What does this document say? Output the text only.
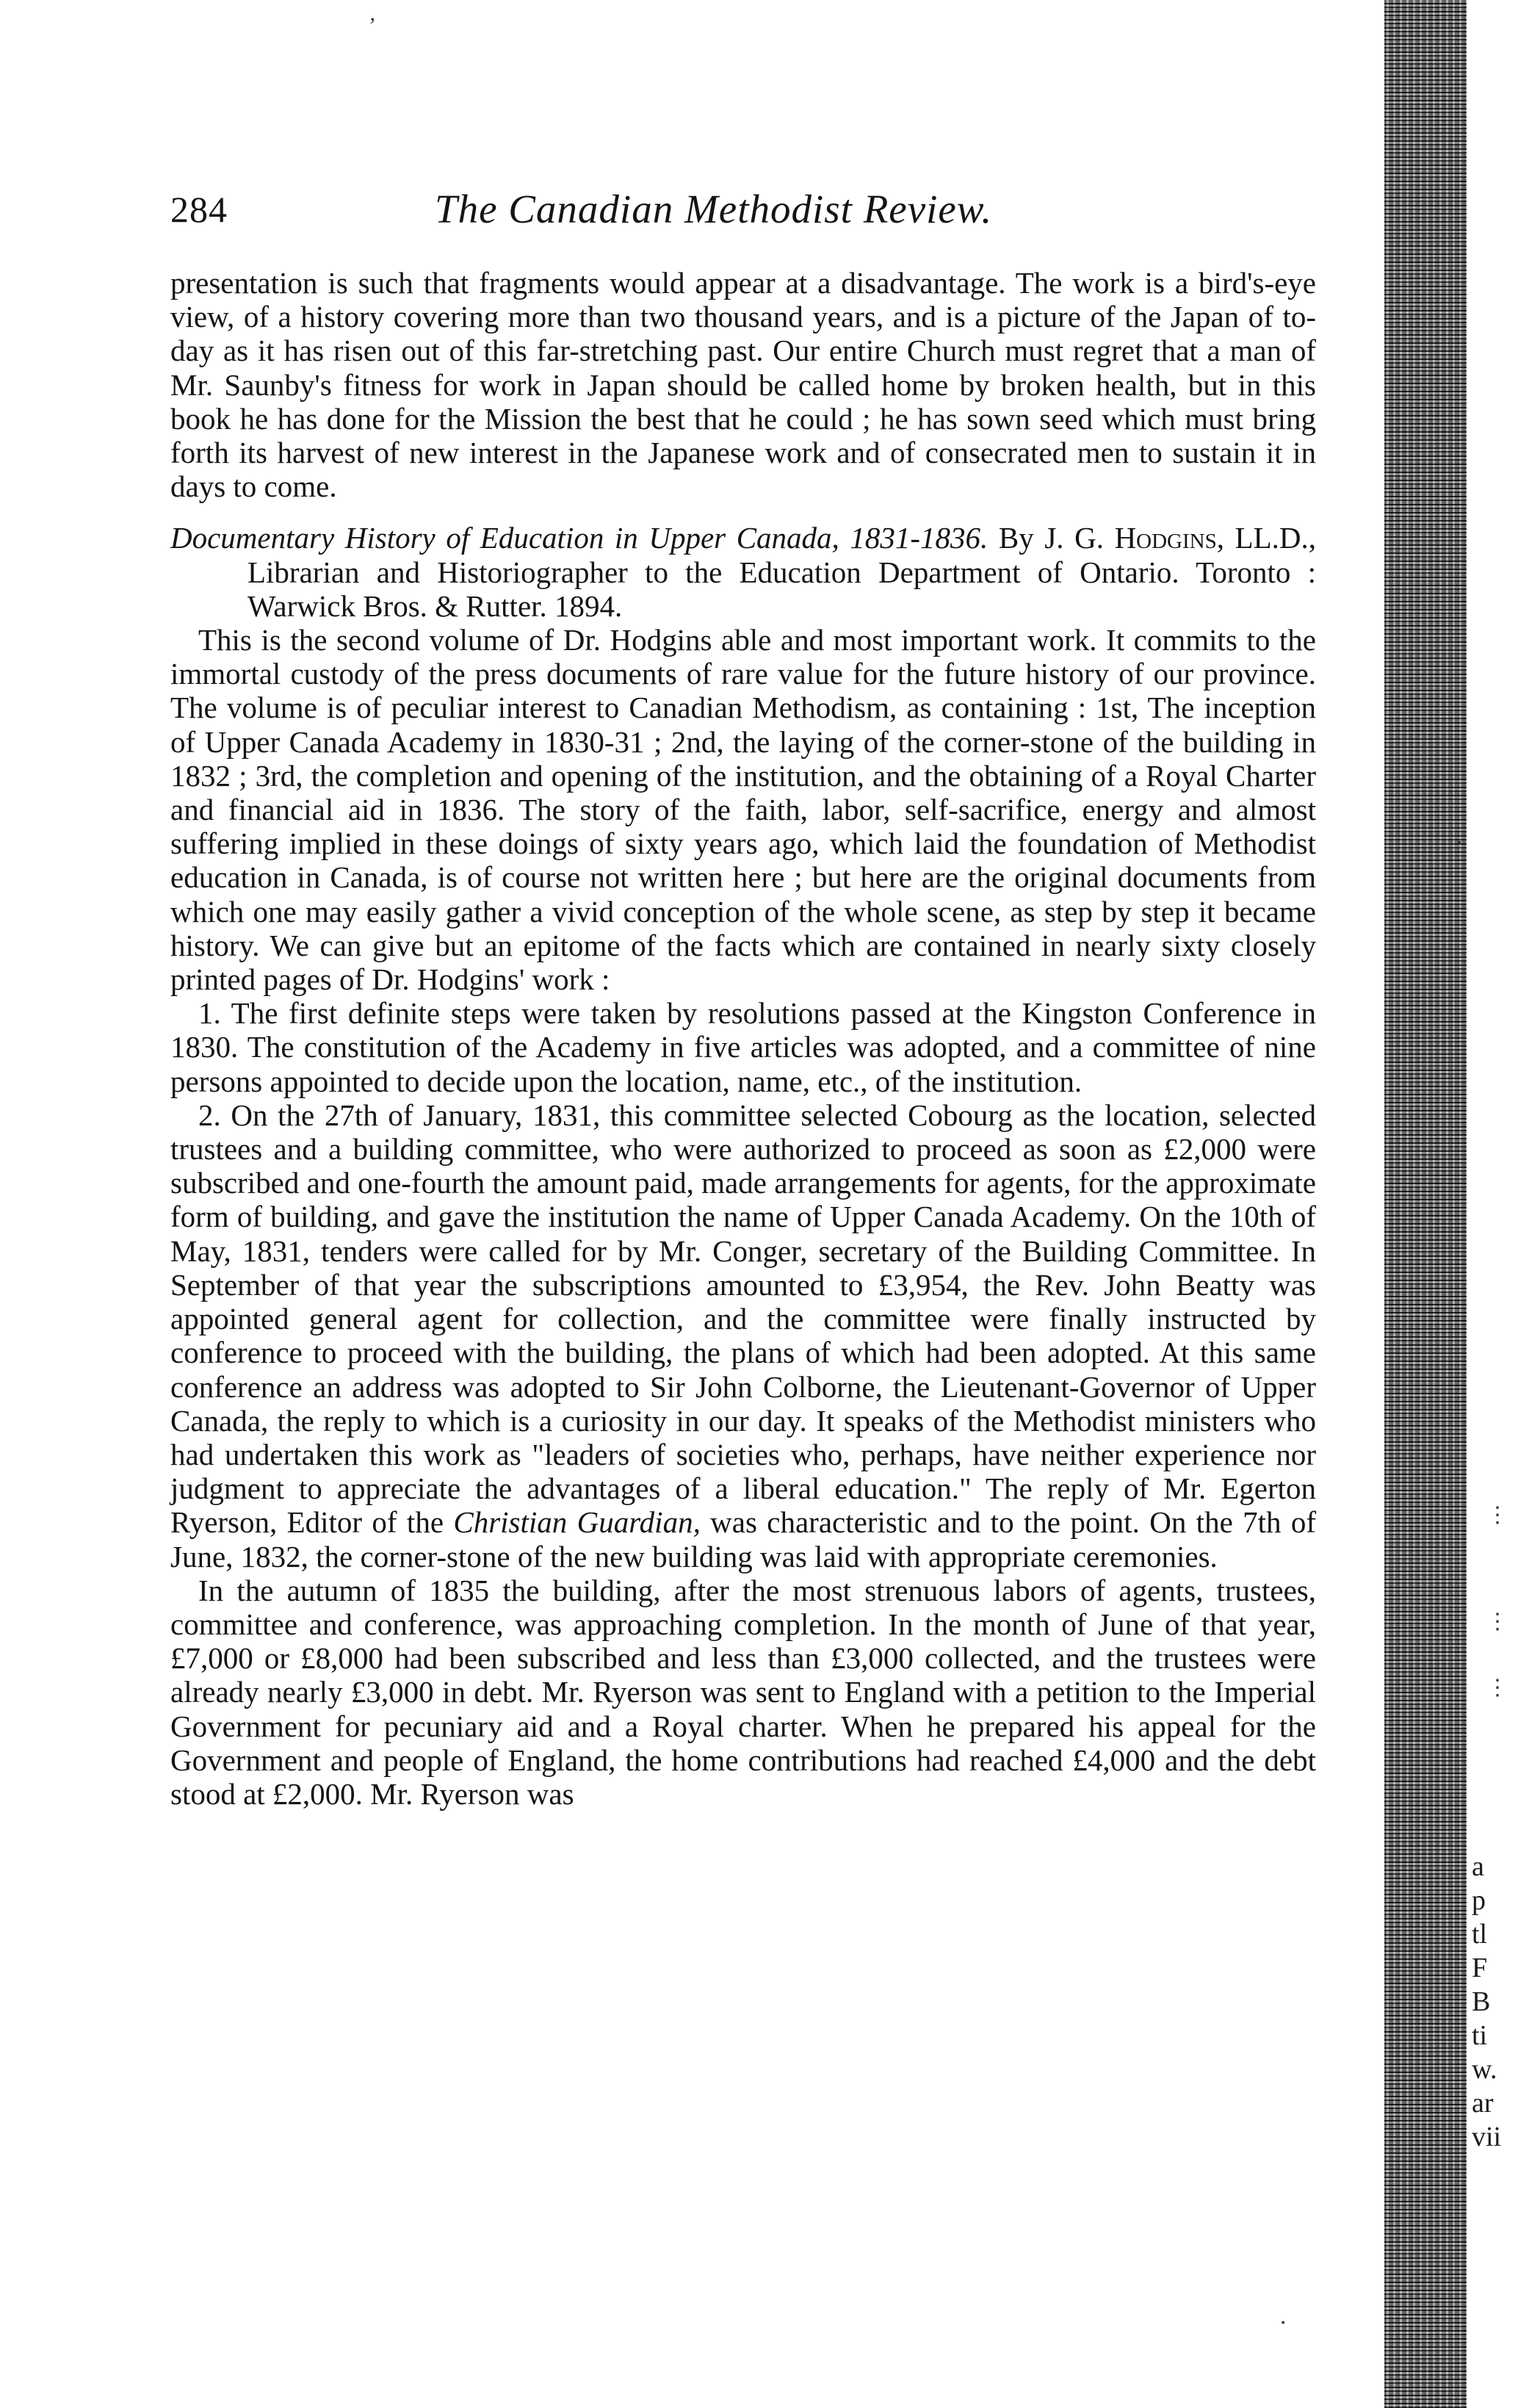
284	The Canadian Methodist Review.

presentation is such that fragments would appear at a disadvantage. The work is a bird's-eye view, of a history covering more than two thousand years, and is a picture of the Japan of to-day as it has risen out of this far-stretching past. Our entire Church must regret that a man of Mr. Saunby's fitness for work in Japan should be called home by broken health, but in this book he has done for the Mission the best that he could ; he has sown seed which must bring forth its harvest of new interest in the Japanese work and of consecrated men to sustain it in days to come.

Documentary History of Education in Upper Canada, 1831-1836. By J. G. Hodgins, LL.D., Librarian and Historiographer to the Education Department of Ontario. Toronto : Warwick Bros. & Rutter. 1894.

This is the second volume of Dr. Hodgins able and most important work. It commits to the immortal custody of the press documents of rare value for the future history of our province. The volume is of peculiar interest to Canadian Methodism, as containing : 1st, The inception of Upper Canada Academy in 1830-31 ; 2nd, the laying of the corner-stone of the building in 1832 ; 3rd, the completion and opening of the institution, and the obtaining of a Royal Charter and financial aid in 1836. The story of the faith, labor, self-sacrifice, energy and almost suffering implied in these doings of sixty years ago, which laid the foundation of Methodist education in Canada, is of course not written here ; but here are the original documents from which one may easily gather a vivid conception of the whole scene, as step by step it became history. We can give but an epitome of the facts which are contained in nearly sixty closely printed pages of Dr. Hodgins' work :

1. The first definite steps were taken by resolutions passed at the Kingston Conference in 1830. The constitution of the Academy in five articles was adopted, and a committee of nine persons appointed to decide upon the location, name, etc., of the institution.

2. On the 27th of January, 1831, this committee selected Cobourg as the location, selected trustees and a building committee, who were authorized to proceed as soon as £2,000 were subscribed and one-fourth the amount paid, made arrangements for agents, for the approximate form of building, and gave the institution the name of Upper Canada Academy. On the 10th of May, 1831, tenders were called for by Mr. Conger, secretary of the Building Committee. In September of that year the subscriptions amounted to £3,954, the Rev. John Beatty was appointed general agent for collection, and the committee were finally instructed by conference to proceed with the building, the plans of which had been adopted. At this same conference an address was adopted to Sir John Colborne, the Lieutenant-Governor of Upper Canada, the reply to which is a curiosity in our day. It speaks of the Methodist ministers who had undertaken this work as "leaders of societies who, perhaps, have neither experience nor judgment to appreciate the advantages of a liberal education." The reply of Mr. Egerton Ryerson, Editor of the Christian Guardian, was characteristic and to the point. On the 7th of June, 1832, the corner-stone of the new building was laid with appropriate ceremonies.

In the autumn of 1835 the building, after the most strenuous labors of agents, trustees, committee and conference, was approaching completion. In the month of June of that year, £7,000 or £8,000 had been subscribed and less than £3,000 collected, and the trustees were already nearly £3,000 in debt. Mr. Ryerson was sent to England with a petition to the Imperial Government for pecuniary aid and a Royal charter. When he prepared his appeal for the Government and people of England, the home contributions had reached £4,000 and the debt stood at £2,000. Mr. Ryerson was

a
p
tl
F
B
ti
w.
ar
vii
’
⋅
⋮
⋮
⋮
⋅
